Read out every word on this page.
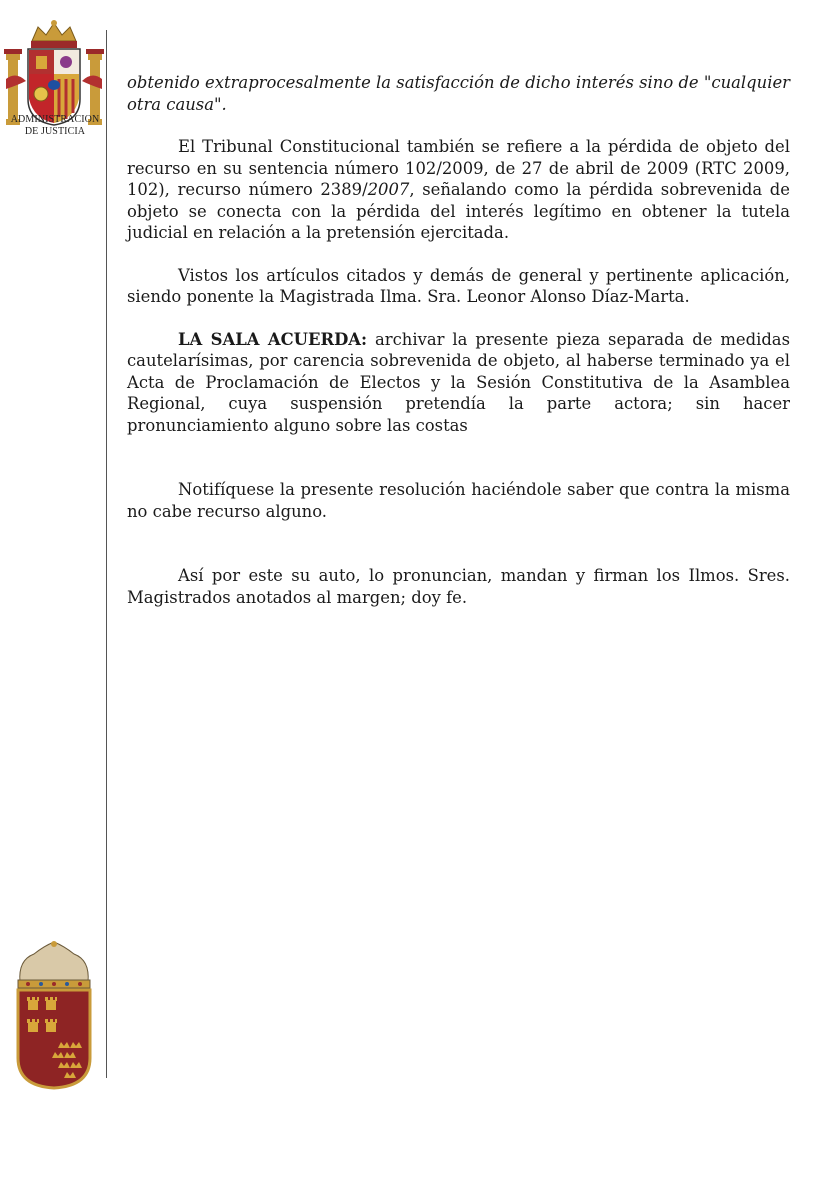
ADMINISTRACION
DE JUSTICIA

obtenido extraprocesalmente la satisfacción de dicho interés sino de "cualquier otra causa".

El Tribunal Constitucional también se refiere a la pérdida de objeto del recurso en su sentencia número 102/2009, de 27 de abril de 2009 (RTC 2009, 102), recurso número 2389/2007, señalando como la pérdida sobrevenida de objeto se conecta con la pérdida del interés legítimo en obtener la tutela judicial en relación a la pretensión ejercitada.

Vistos los artículos citados y demás de general y pertinente aplicación, siendo ponente la Magistrada Ilma. Sra. Leonor Alonso Díaz-Marta.

LA SALA ACUERDA: archivar la presente pieza separada de medidas cautelarísimas, por carencia sobrevenida de objeto, al haberse terminado ya el Acta de Proclamación de Electos y la Sesión Constitutiva de la Asamblea Regional, cuya suspensión pretendía la parte actora; sin hacer pronunciamiento alguno sobre las costas

Notifíquese la presente resolución haciéndole saber que contra la misma no cabe recurso alguno.

Así por este su auto, lo pronuncian, mandan y firman los Ilmos. Sres. Magistrados anotados al margen; doy fe.
